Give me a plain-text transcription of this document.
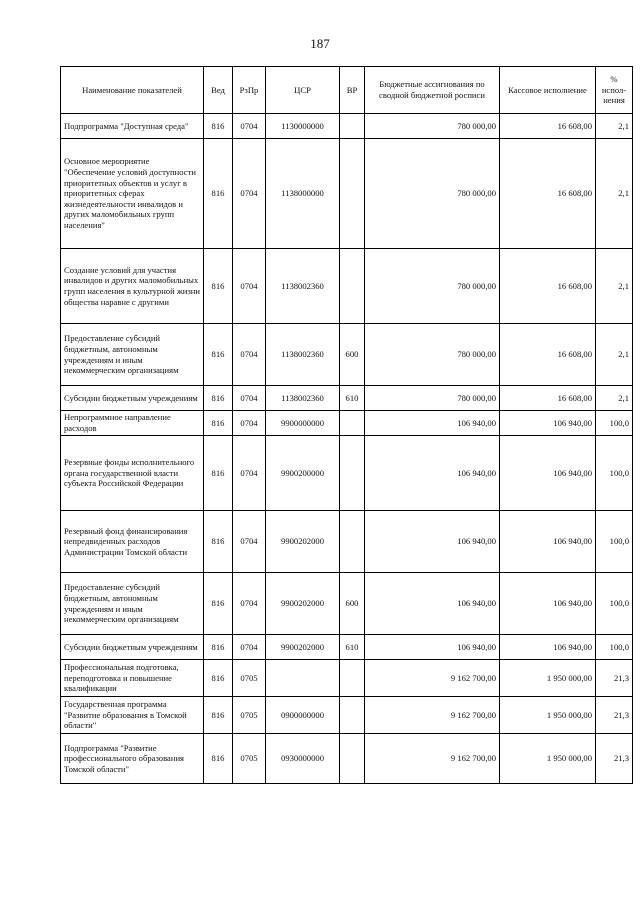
187
Наименование показателей	Вед	РзПр	ЦСР	ВР	Бюджетные ассигнования по сводной бюджетной росписи	Кассовое исполнение	% испол-нения
Подпрограмма "Доступная среда"	816	0704	1130000000		780 000,00	16 608,00	2,1
Основное мероприятие "Обеспечение условий доступности приоритетных объектов и услуг в приоритетных сферах жизнедеятельности инвалидов и других маломобильных групп населения"	816	0704	1138000000		780 000,00	16 608,00	2,1
Создание условий для участия инвалидов и других маломобильных групп населения в культурной жизни общества наравне с другими	816	0704	1138002360		780 000,00	16 608,00	2,1
Предоставление субсидий бюджетным, автономным учреждениям и иным некоммерческим организациям	816	0704	1138002360	600	780 000,00	16 608,00	2,1
Субсидии бюджетным учреждениям	816	0704	1138002360	610	780 000,00	16 608,00	2,1
Непрограммное направление расходов	816	0704	9900000000		106 940,00	106 940,00	100,0
Резервные фонды исполнительного органа государственной власти субъекта Российской Федерации	816	0704	9900200000		106 940,00	106 940,00	100,0
Резервный фонд финансирования непредвиденных расходов Администрации Томской области	816	0704	9900202000		106 940,00	106 940,00	100,0
Предоставление субсидий бюджетным, автономным учреждениям и иным некоммерческим организациям	816	0704	9900202000	600	106 940,00	106 940,00	100,0
Субсидии бюджетным учреждениям	816	0704	9900202000	610	106 940,00	106 940,00	100,0
Профессиональная подготовка, переподготовка и повышение квалификации	816	0705			9 162 700,00	1 950 000,00	21,3
Государственная программа "Развитие образования в Томской области"	816	0705	0900000000		9 162 700,00	1 950 000,00	21,3
Подпрограмма "Развитие профессионального образования Томской области"	816	0705	0930000000		9 162 700,00	1 950 000,00	21,3
